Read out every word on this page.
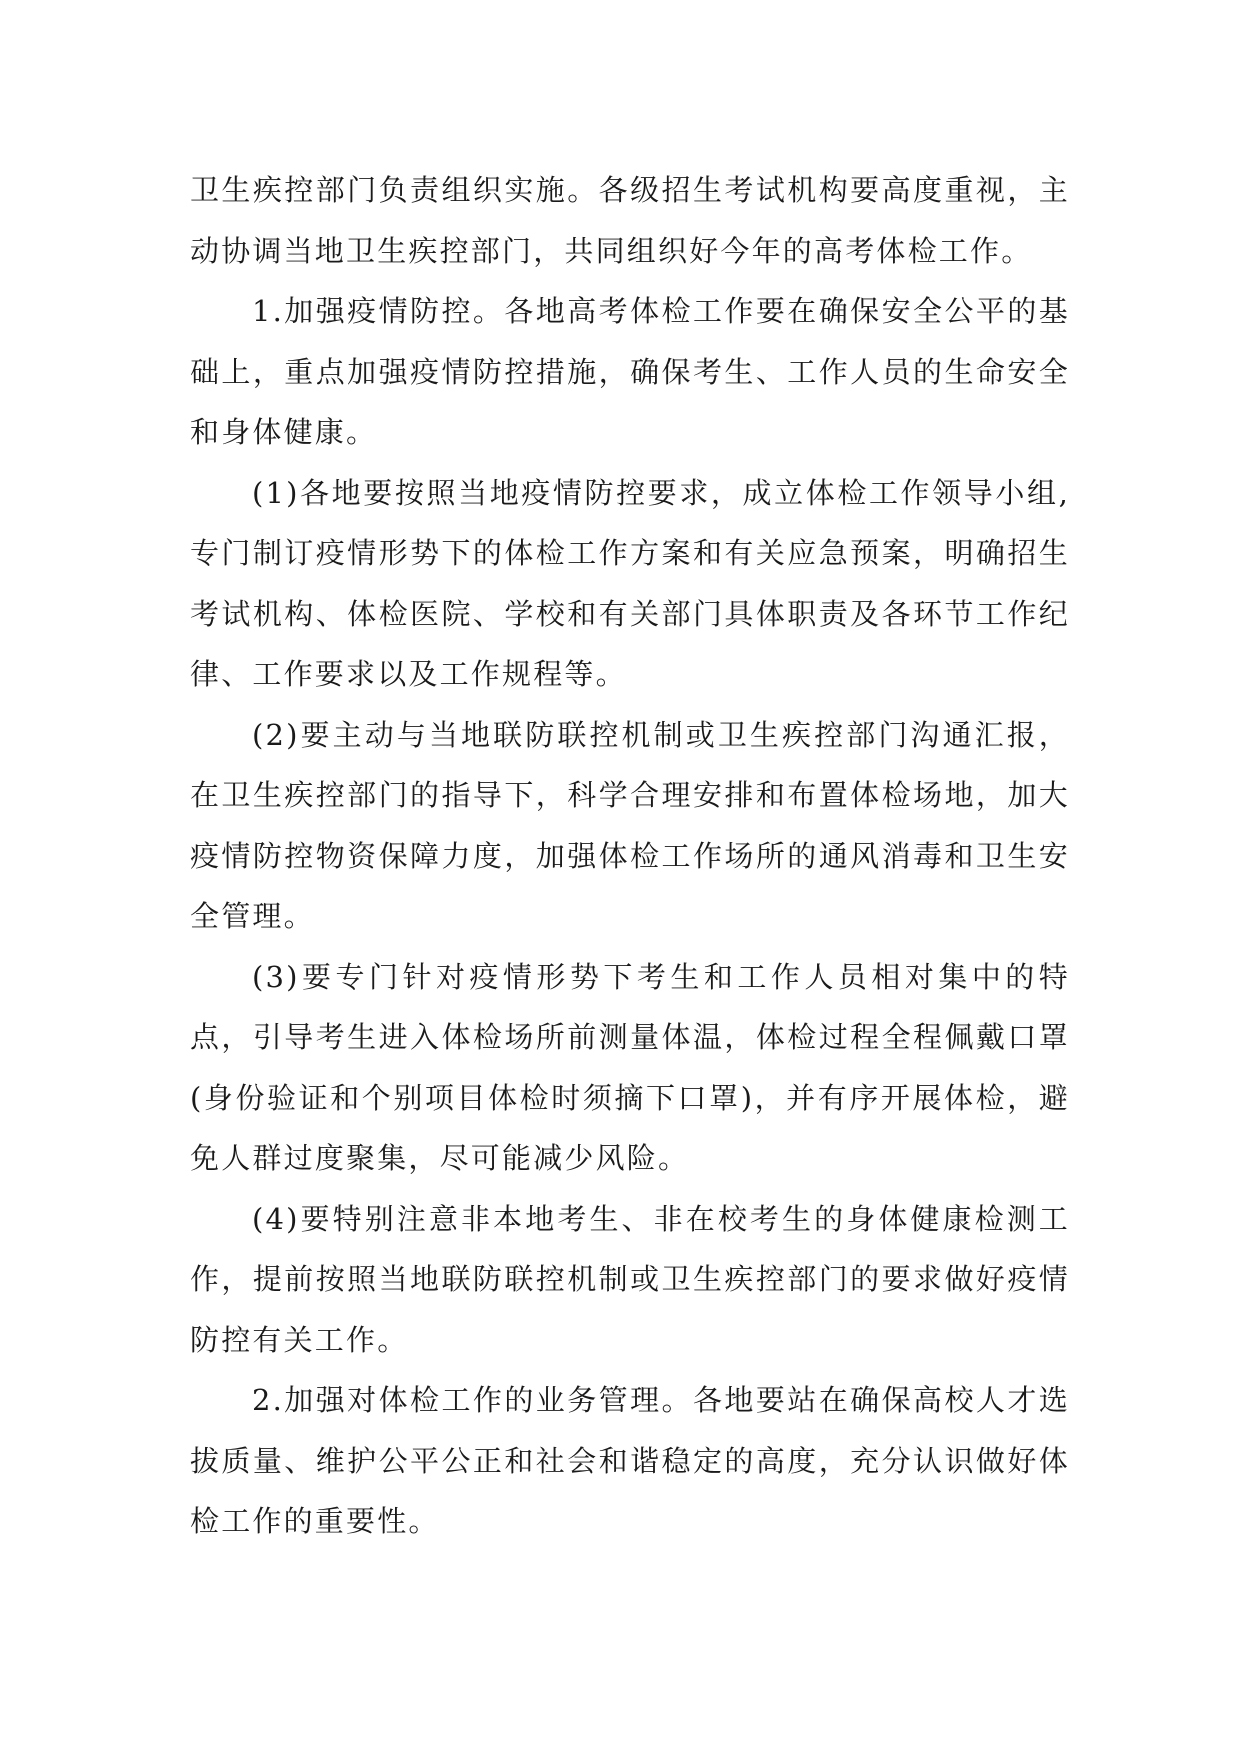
卫生疾控部门负责组织实施。各级招生考试机构要高度重视，主动协调当地卫生疾控部门，共同组织好今年的高考体检工作。

1.加强疫情防控。各地高考体检工作要在确保安全公平的基础上，重点加强疫情防控措施，确保考生、工作人员的生命安全和身体健康。

(1)各地要按照当地疫情防控要求，成立体检工作领导小组,专门制订疫情形势下的体检工作方案和有关应急预案，明确招生考试机构、体检医院、学校和有关部门具体职责及各环节工作纪律、工作要求以及工作规程等。

(2)要主动与当地联防联控机制或卫生疾控部门沟通汇报，在卫生疾控部门的指导下，科学合理安排和布置体检场地，加大疫情防控物资保障力度，加强体检工作场所的通风消毒和卫生安全管理。

(3)要专门针对疫情形势下考生和工作人员相对集中的特点，引导考生进入体检场所前测量体温，体检过程全程佩戴口罩(身份验证和个别项目体检时须摘下口罩)，并有序开展体检，避免人群过度聚集，尽可能减少风险。

(4)要特别注意非本地考生、非在校考生的身体健康检测工作，提前按照当地联防联控机制或卫生疾控部门的要求做好疫情防控有关工作。

2.加强对体检工作的业务管理。各地要站在确保高校人才选拔质量、维护公平公正和社会和谐稳定的高度，充分认识做好体检工作的重要性。
